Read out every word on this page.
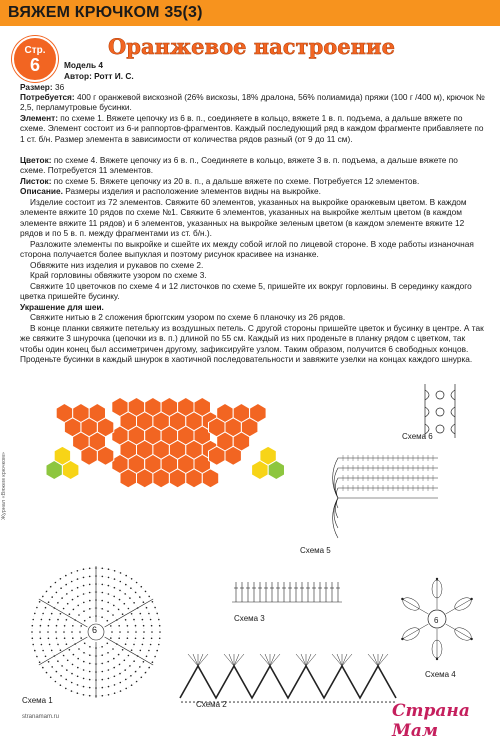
ВЯЖЕМ КРЮЧКОМ 35(3)
Стр.
6
Оранжевое настроение
Модель 4
Автор: Ротт И. С.
Размер: 36
Потребуется: 400 г оранжевой вискозной (26% вискозы, 18% дралона, 56% полиамида) пряжи (100 г /400 м), крючок № 2,5, перламутровые бусинки.
Элемент: по схеме 1. Вяжете цепочку из 6 в. п., соединяете в кольцо, вяжете 1 в. п. подъема, а дальше вяжете по схеме. Элемент состоит из 6-и раппортов-фрагментов. Каждый последующий ряд в каждом фрагменте прибавляете по 1 ст. б/н. Размер элемента в зависимости от количества рядов разный (от 9 до 11 см).
Цветок: по схеме 4. Вяжете цепочку из 6 в. п., Соединяете в кольцо, вяжете 3 в. п. подъема, а дальше вяжете по схеме. Потребуется 11 элементов.
Листок: по схеме 5. Вяжете цепочку из 20 в. п., а дальше вяжете по схеме. Потребуется 12 элементов.
Описание. Размеры изделия и расположение элементов видны на выкройке.
Изделие состоит из 72 элементов. Свяжите 60 элементов, указанных на выкройке оранжевым цветом. В каждом элементе вяжите 10 рядов по схеме №1. Свяжите 6 элементов, указанных на выкройке желтым цветом (в каждом элементе вяжите 11 рядов) и 6 элементов, указанных на выкройке зеленым цветом (в каждом элементе вяжите 12 рядов и по 5 в. п. между фрагментами из ст. б/н.).
Разложите элементы по выкройке и сшейте их между собой иглой по лицевой стороне. В ходе работы изнаночная сторона получается более выпуклая и поэтому рисунок красивее на изнанке.
Обвяжите низ изделия и рукавов по схеме 2.
Край горловины обвяжите узором по схеме 3.
Свяжите 10 цветочков по схеме 4 и 12 листочков по схеме 5, пришейте их вокруг горловины. В серединку каждого цветка пришейте бусинку.
Украшение для шеи.
Свяжите нитью в 2 сложения брюггским узором по схеме 6 планочку из 26 рядов.
В конце планки свяжите петельку из воздушных петель. С другой стороны пришейте цветок и бусинку в центре. А так же свяжите 3 шнурочка (цепочки из в. п.) длиной по 55 см. Каждый из них проденьте в планку рядом с цветком, так чтобы один конец был ассиметричен другому, зафиксируйте узлом. Таким образом, получится 6 свободных концов. Проденьте бусинки в каждый шнурок в хаотичной последовательности и завяжите узелки на концах каждого шнурка.
Журнал «Вяжем крючком»
Схема 6
Схема 5
Схема 1
6
Схема 3
Схема 4
6
Схема 2	Страна Мам
stranamam.ru
